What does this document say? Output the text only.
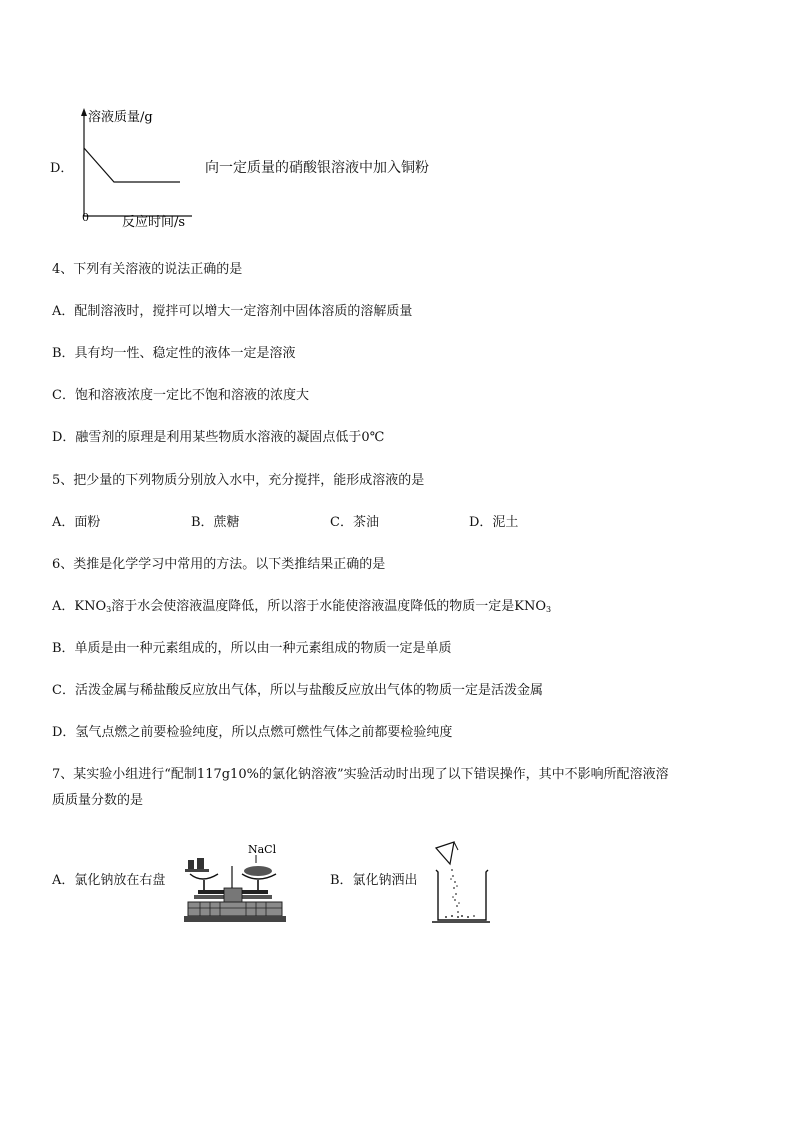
D．
溶液质量/g
0	反应时间/s
向一定质量的硝酸银溶液中加入铜粉
4、下列有关溶液的说法正确的是
A．配制溶液时，搅拌可以增大一定溶剂中固体溶质的溶解质量
B．具有均一性、稳定性的液体一定是溶液
C．饱和溶液浓度一定比不饱和溶液的浓度大
D．融雪剂的原理是利用某些物质水溶液的凝固点低于0℃
5、把少量的下列物质分别放入水中，充分搅拌，能形成溶液的是
A．面粉	B．蔗糖	C．茶油	D．泥土
6、类推是化学学习中常用的方法。以下类推结果正确的是
A．$KNO_3$溶于水会使溶液温度降低，所以溶于水能使溶液温度降低的物质一定是$KNO_3$
B．单质是由一种元素组成的，所以由一种元素组成的物质一定是单质
C．活泼金属与稀盐酸反应放出气体，所以与盐酸反应放出气体的物质一定是活泼金属
D．氢气点燃之前要检验纯度，所以点燃可燃性气体之前都要检验纯度
7、某实验小组进行“配制117g10%的氯化钠溶液”实验活动时出现了以下错误操作，其中不影响所配溶液溶
质质量分数的是
A．氯化钠放在右盘
NaCl
B．氯化钠洒出
